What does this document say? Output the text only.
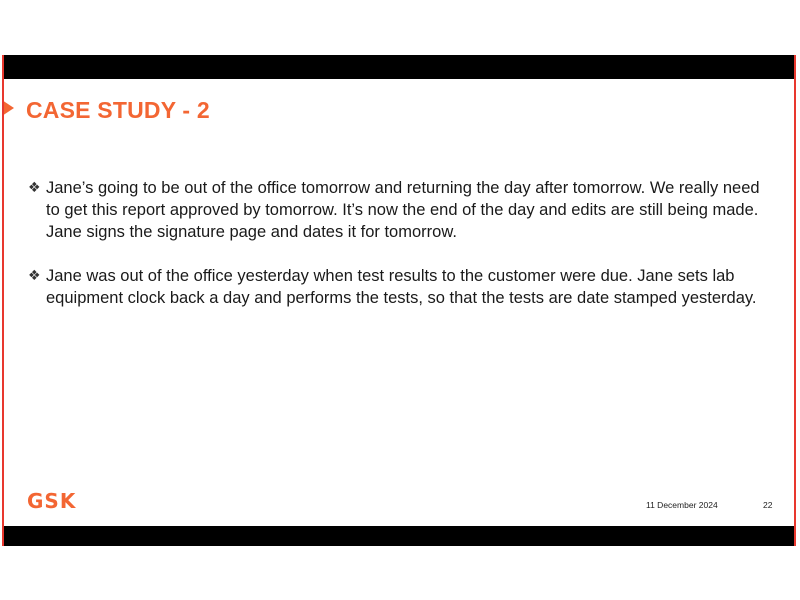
CASE STUDY - 2
❖ Jane’s going to be out of the office tomorrow and returning the day after tomorrow. We really need to get this report approved by tomorrow. It’s now the end of the day and edits are still being made. Jane signs the signature page and dates it for tomorrow.
❖ Jane was out of the office yesterday when test results to the customer were due. Jane sets lab equipment clock back a day and performs the tests, so that the tests are date stamped yesterday.
GSK	11 December 2024	22
